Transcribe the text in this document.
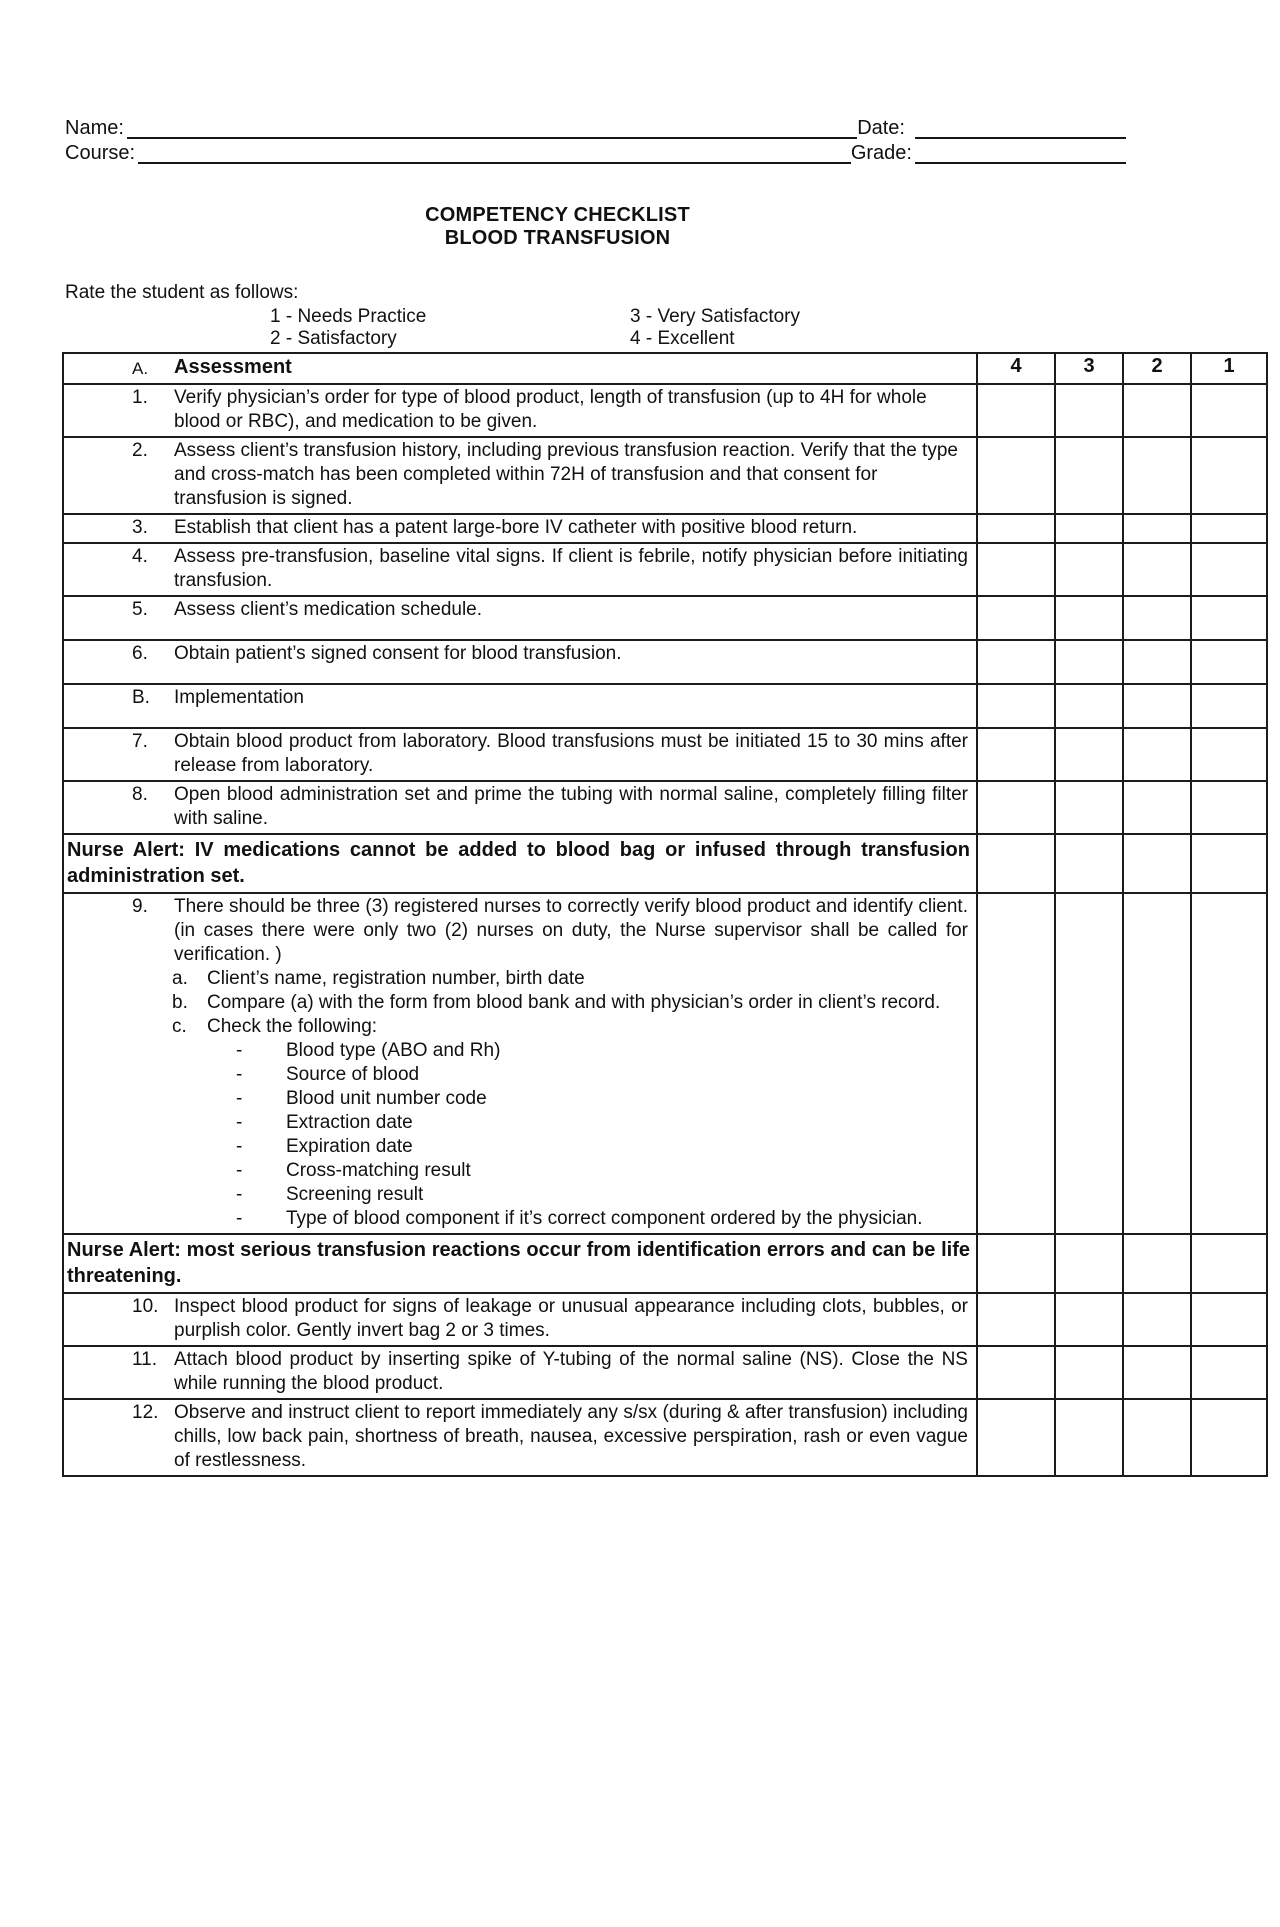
Name:	Date:
Course:	Grade:
COMPETENCY CHECKLIST
BLOOD TRANSFUSION
Rate the student as follows:
1 - Needs Practice	3 - Very Satisfactory
2 - Satisfactory	4 - Excellent
A. Assessment	4	3	2	1

1. Verify physician’s order for type of blood product, length of transfusion (up to 4H for whole blood or RBC), and medication to be given.				

2. Assess client’s transfusion history, including previous transfusion reaction. Verify that the type and cross-match has been completed within 72H of transfusion and that consent for transfusion is signed.				

3. Establish that client has a patent large-bore IV catheter with positive blood return.				

4. Assess pre-transfusion, baseline vital signs. If client is febrile, notify physician before initiating transfusion.				

5. Assess client’s medication schedule.				

6. Obtain patient’s signed consent for blood transfusion.				

B. Implementation				

7. Obtain blood product from laboratory. Blood transfusions must be initiated 15 to 30 mins after release from laboratory.				

8. Open blood administration set and prime the tubing with normal saline, completely filling filter with saline.				

Nurse Alert: IV medications cannot be added to blood bag or infused through transfusion administration set.				

9.	There should be three (3) registered nurses to correctly verify blood product and identify client. (in cases there were only two (2) nurses on duty, the Nurse supervisor shall be called for verification. )
a.	Client’s name, registration number, birth date
b.	Compare (a) with the form from blood bank and with physician’s order in client’s record.
c.	Check the following:
-	Blood type (ABO and Rh)
-	Source of blood
-	Blood unit number code
-	Extraction date
-	Expiration date
-	Cross-matching result
-	Screening result
-	Type of blood component if it’s correct component ordered by the physician.

Nurse Alert: most serious transfusion reactions occur from identification errors and can be life threatening.				

10. Inspect blood product for signs of leakage or unusual appearance including clots, bubbles, or purplish color. Gently invert bag 2 or 3 times.				

11. Attach blood product by inserting spike of Y-tubing of the normal saline (NS). Close the NS while running the blood product.				

12. Observe and instruct client to report immediately any s/sx (during & after transfusion) including chills, low back pain, shortness of breath, nausea, excessive perspiration, rash or even vague of restlessness.				
